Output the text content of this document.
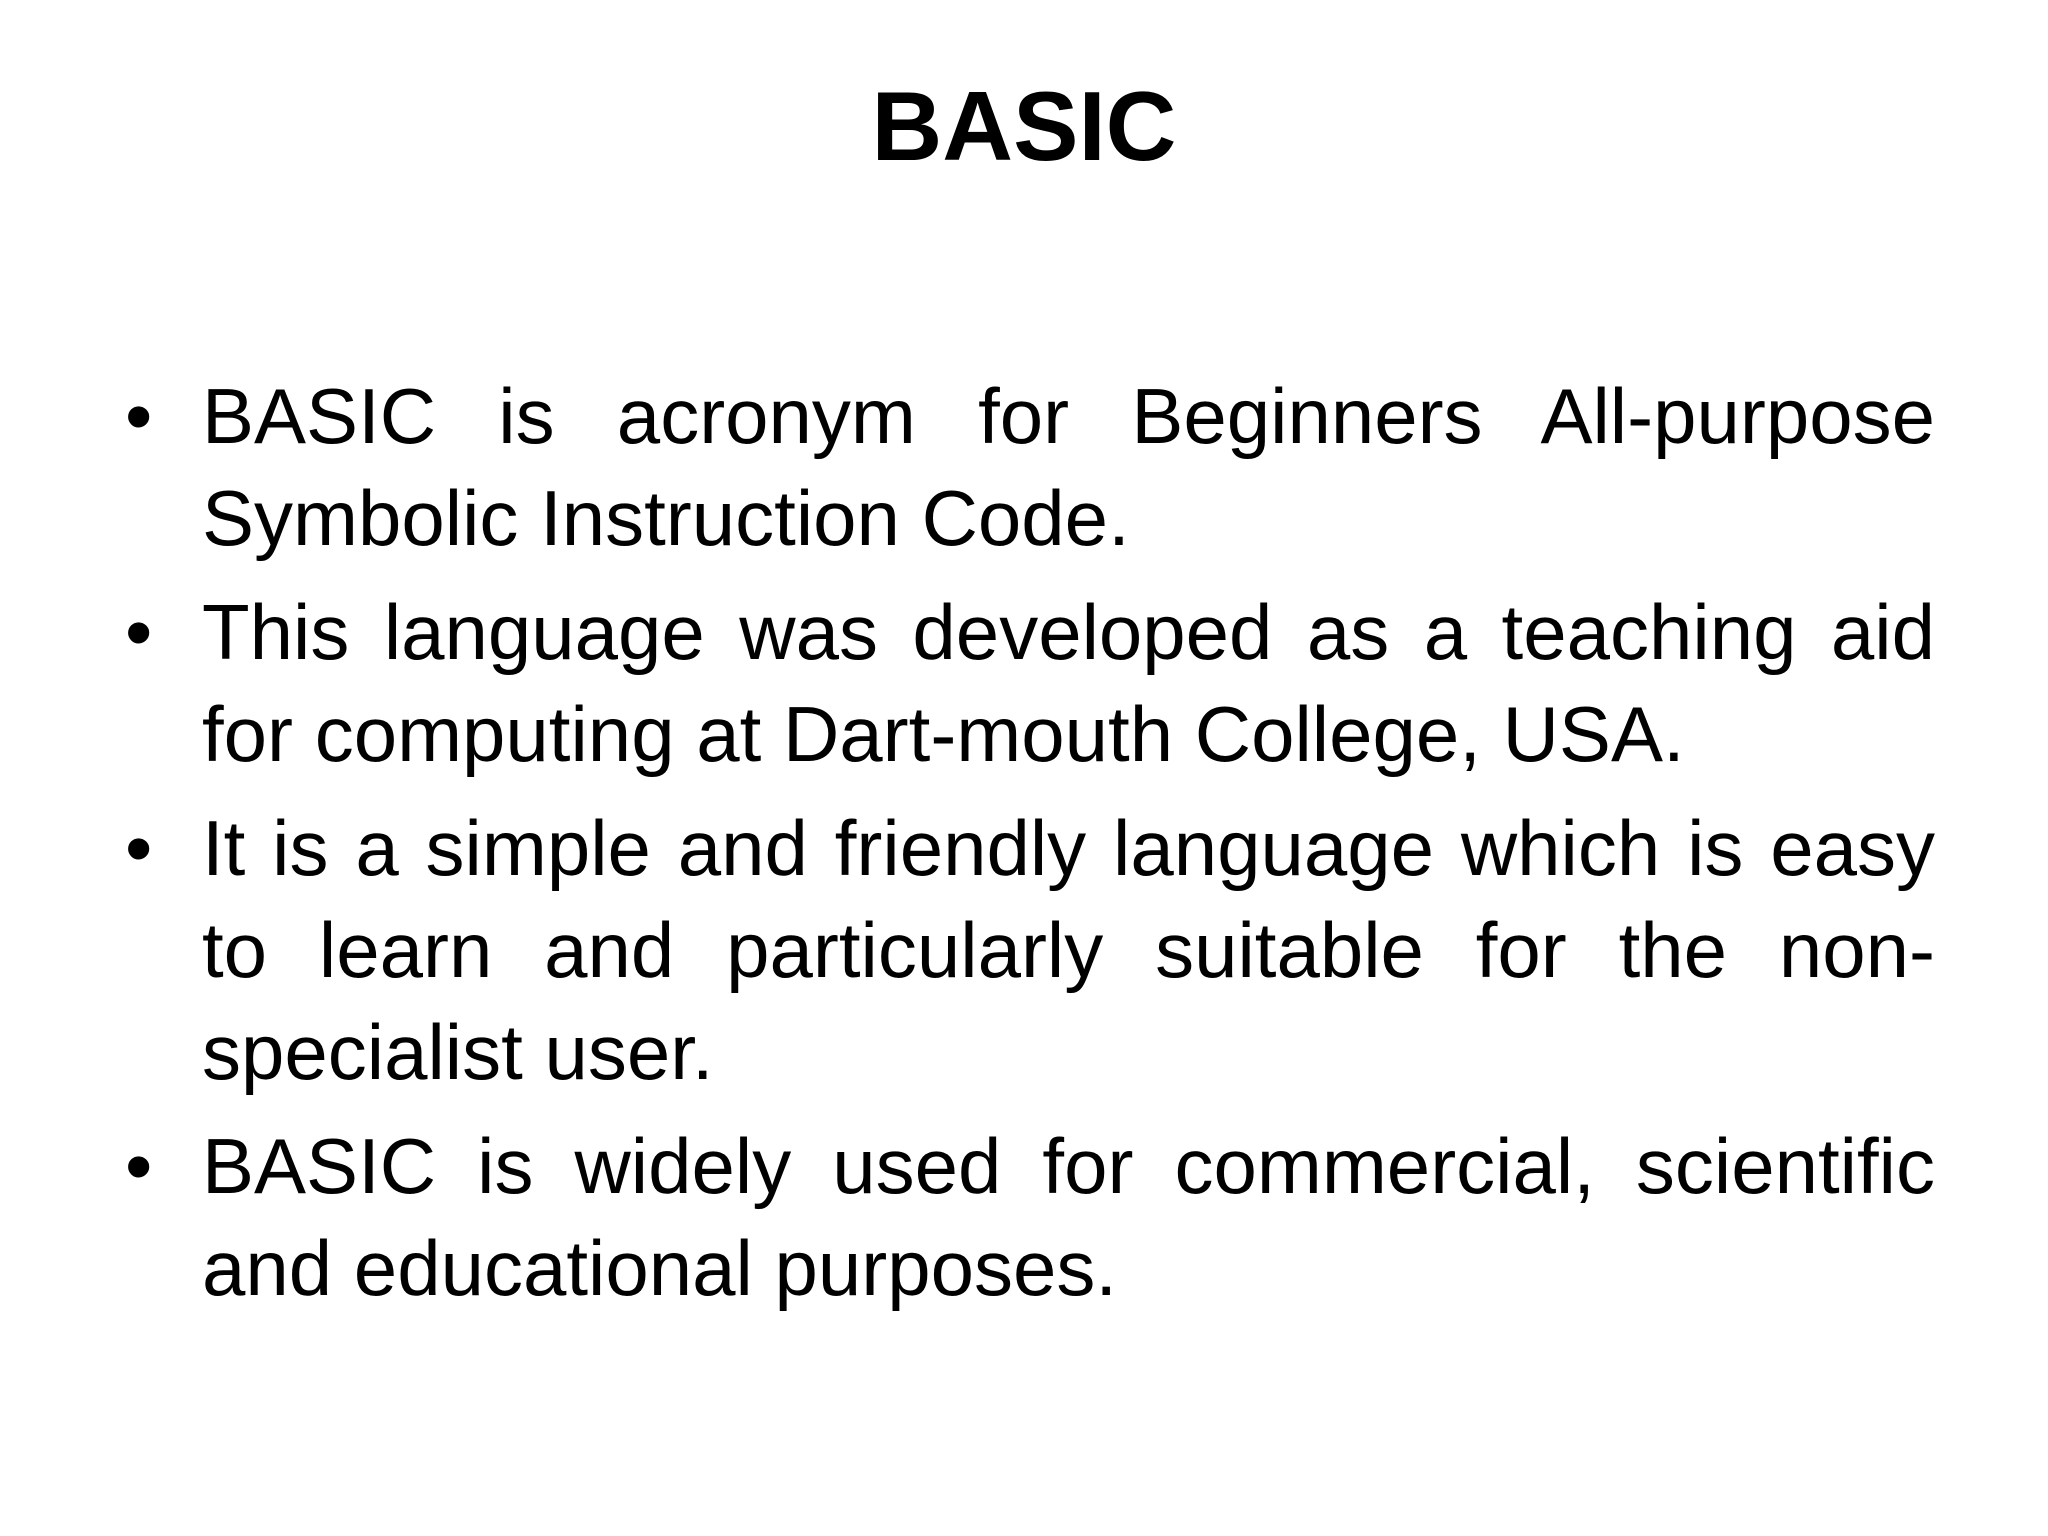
BASIC
• BASIC is acronym for Beginners All-purpose Symbolic Instruction Code.
• This language was developed as a teaching aid for computing at Dart-mouth College, USA.
• It is a simple and friendly language which is easy to learn and particularly suitable for the non-specialist user.
• BASIC is widely used for commercial, scientific and educational purposes.
